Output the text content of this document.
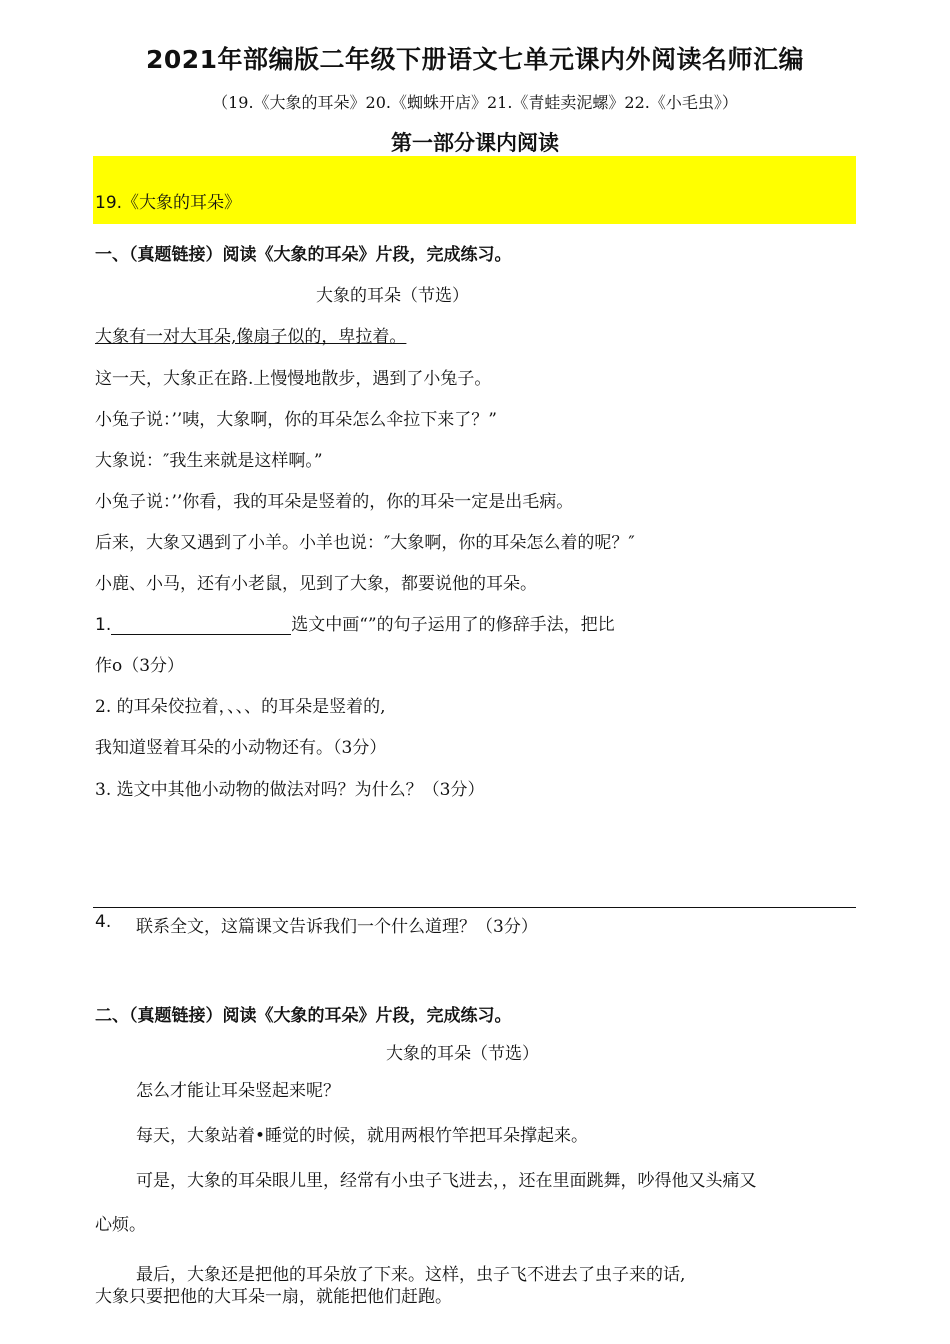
2021年部编版二年级下册语文七单元课内外阅读名师汇编
（19.《大象的耳朵》20.《蜘蛛开店》21.《青蛙卖泥螺》22.《小毛虫》）
第一部分课内阅读
19.《大象的耳朵》
一、（真题链接）阅读《大象的耳朵》片段，完成练习。
大象的耳朵（节选）
大象有一对大耳朵,像扇子似的，卑拉着。
这一天，大象正在路.上慢慢地散步，遇到了小兔子。
小兔子说：’’咦，大象啊，你的耳朵怎么伞拉下来了？”
大象说：″我生来就是这样啊。”
小兔子说：’’你看，我的耳朵是竖着的，你的耳朵一定是出毛病。
后来，大象又遇到了小羊。小羊也说：″大象啊，你的耳朵怎么着的呢？″
小鹿、小马，还有小老鼠，见到了大象，都要说他的耳朵。
1.	选文中画“”的句子运用了的修辞手法，把比
作o（3分）
2. 的耳朵佼拉着，、、、的耳朵是竖着的,
我知道竖着耳朵的小动物还有。（3分）
3. 选文中其他小动物的做法对吗？为什么？（3分）
4. 联系全文，这篇课文告诉我们一个什么道理？（3分）
二、（真题链接）阅读《大象的耳朵》片段，完成练习。
大象的耳朵（节选）
怎么才能让耳朵竖起来呢？
每天，大象站着•睡觉的时候，就用两根竹竿把耳朵撑起来。
可是，大象的耳朵眼儿里，经常有小虫子飞进去，，还在里面跳舞，吵得他又头痛又
心烦。
最后，大象还是把他的耳朵放了下来。这样，虫子飞不进去了虫子来的话,
大象只要把他的大耳朵一扇，就能把他们赶跑。
